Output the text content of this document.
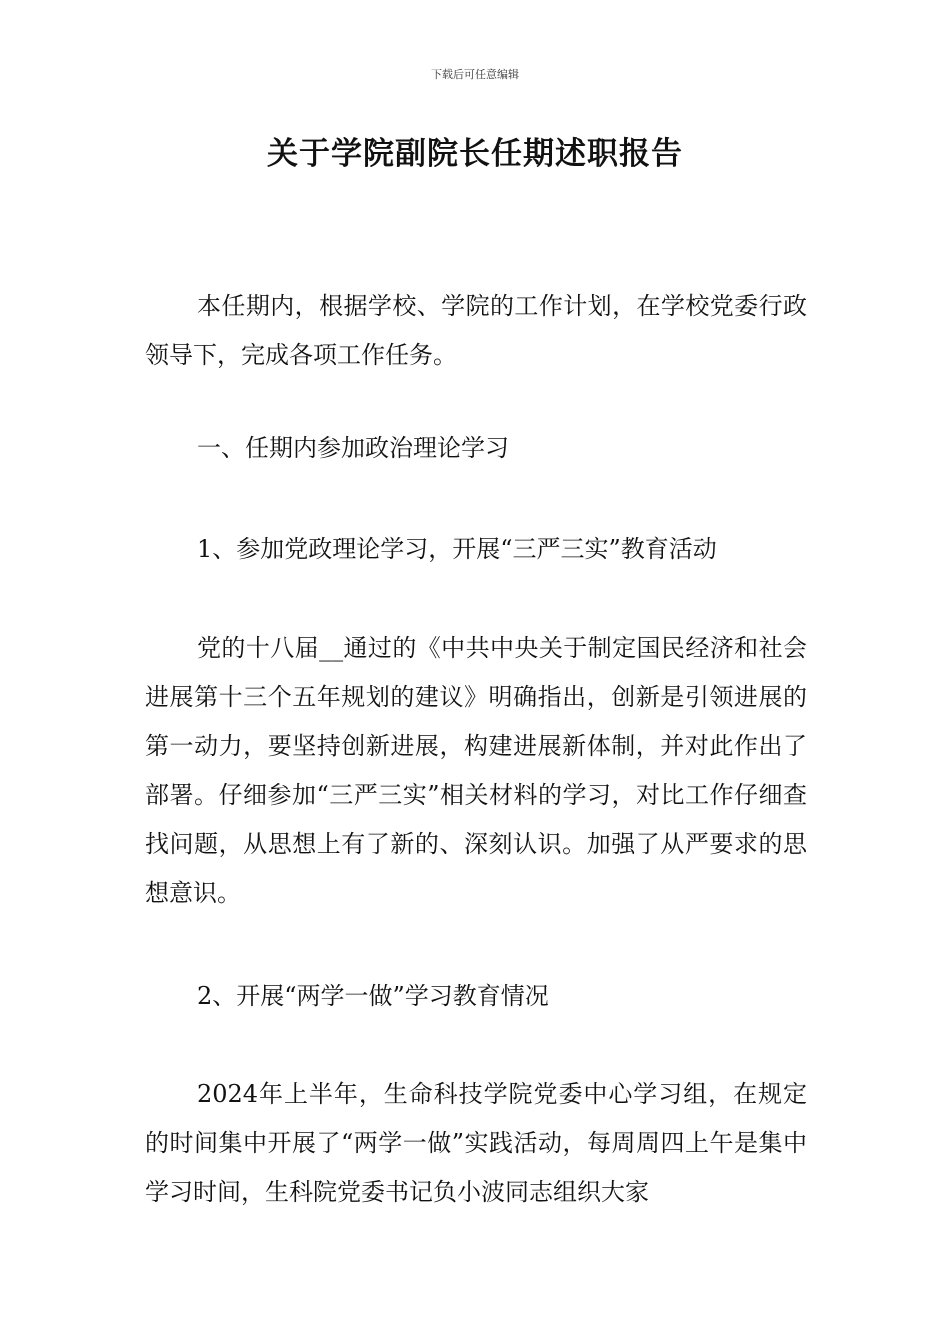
下载后可任意编辑
关于学院副院长任期述职报告

本任期内，根据学校、学院的工作计划，在学校党委行政领导下，完成各项工作任务。

一、任期内参加政治理论学习

1、参加党政理论学习，开展“三严三实”教育活动

党的十八届__通过的《中共中央关于制定国民经济和社会进展第十三个五年规划的建议》明确指出，创新是引领进展的第一动力，要坚持创新进展，构建进展新体制，并对此作出了部署。仔细参加“三严三实”相关材料的学习，对比工作仔细查找问题，从思想上有了新的、深刻认识。加强了从严要求的思想意识。

2、开展“两学一做”学习教育情况

2024年上半年，生命科技学院党委中心学习组，在规定的时间集中开展了“两学一做”实践活动，每周周四上午是集中学习时间，生科院党委书记负小波同志组织大家
